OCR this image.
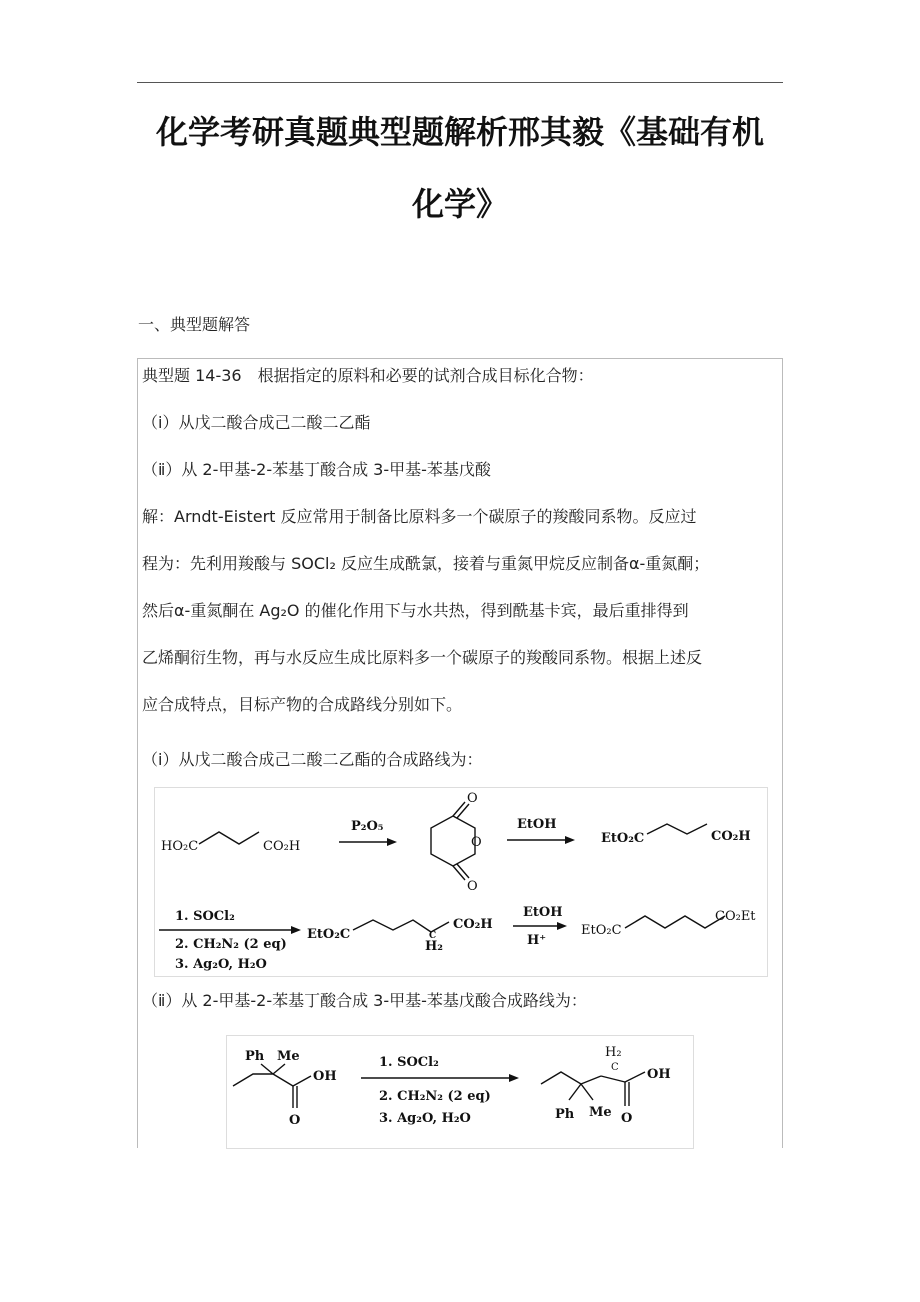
化学考研真题典型题解析邢其毅《基础有机
化学》
一、典型题解答
典型题 14-36　根据指定的原料和必要的试剂合成目标化合物：
（ⅰ）从戊二酸合成己二酸二乙酯
（ⅱ）从 2-甲基-2-苯基丁酸合成 3-甲基-苯基戊酸
解：Arndt-Eistert 反应常用于制备比原料多一个碳原子的羧酸同系物。反应过
程为：先利用羧酸与 SOCl₂ 反应生成酰氯，接着与重氮甲烷反应制备α-重氮酮；
然后α-重氮酮在 Ag₂O 的催化作用下与水共热，得到酰基卡宾，最后重排得到
乙烯酮衍生物，再与水反应生成比原料多一个碳原子的羧酸同系物。根据上述反
应合成特点，目标产物的合成路线分别如下。
（ⅰ）从戊二酸合成己二酸二乙酯的合成路线为：
HO₂C	CO₂H
P₂O₅
O
O
O
EtOH
EtO₂C	CO₂H
1. SOCl₂
2. CH₂N₂ (2 eq)
3. Ag₂O, H₂O
EtO₂C
CO₂H
H₂
C
EtOH
H⁺
EtO₂C
CO₂Et
（ⅱ）从 2-甲基-2-苯基丁酸合成 3-甲基-苯基戊酸合成路线为：
Ph Me
OH
O
1. SOCl₂
2. CH₂N₂ (2 eq)
3. Ag₂O, H₂O
H₂
C OH
O
Ph Me
